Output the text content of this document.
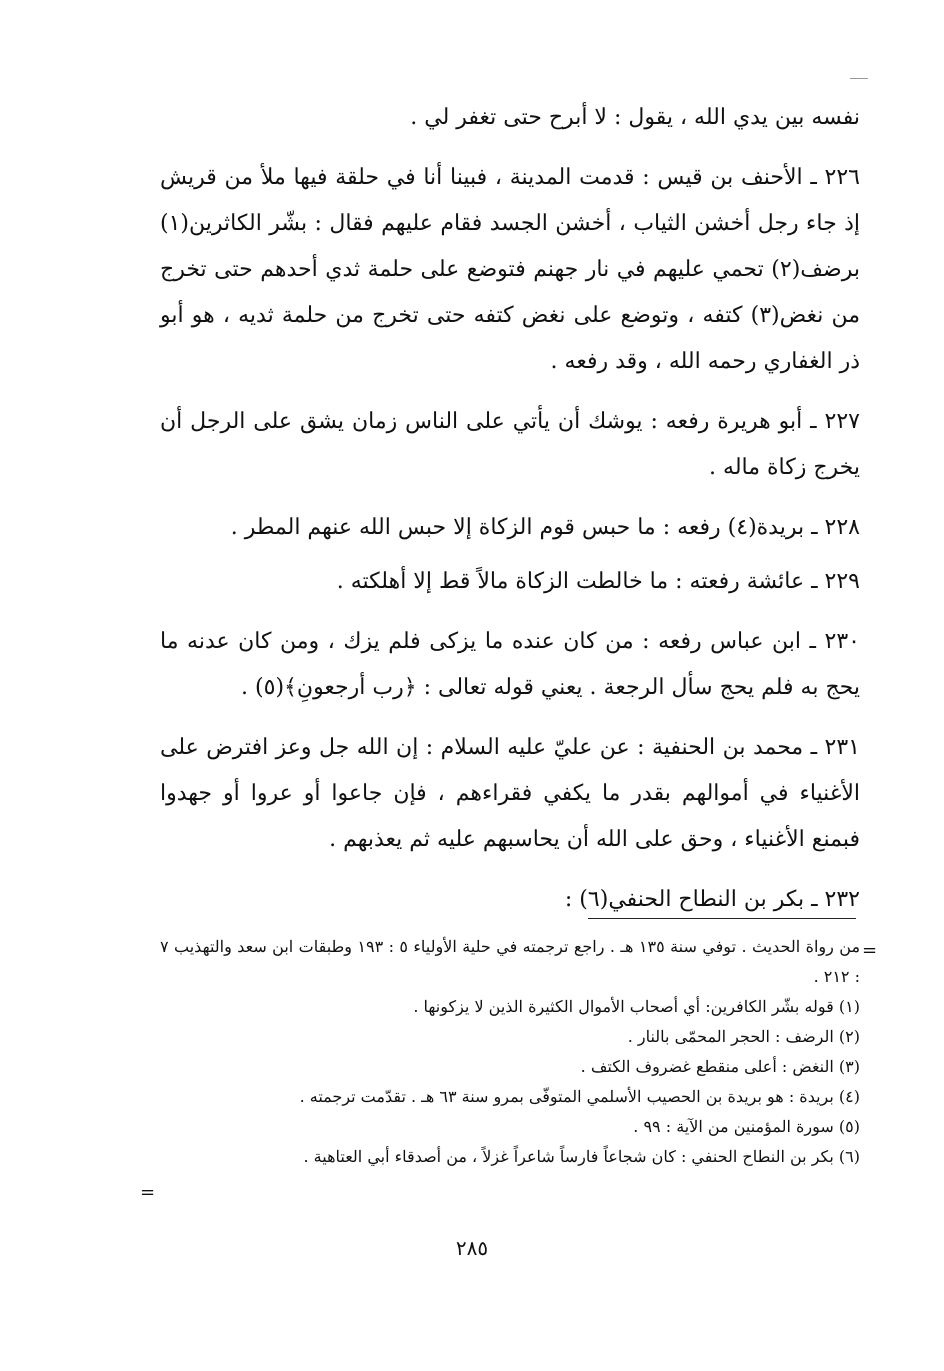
نفسه بين يدي الله ، يقول : لا أبرح حتى تغفر لي .

٢٢٦ ـ الأحنف بن قيس : قدمت المدينة ، فبينا أنا في حلقة فيها ملأ من قريش إذ جاء رجل أخشن الثياب ، أخشن الجسد فقام عليهم فقال : بشّر الكاثرين(١) برضف(٢) تحمي عليهم في نار جهنم فتوضع على حلمة ثدي أحدهم حتى تخرج من نغض(٣) كتفه ، وتوضع على نغض كتفه حتى تخرج من حلمة ثديه ، هو أبو ذر الغفاري رحمه الله ، وقد رفعه .

٢٢٧ ـ أبو هريرة رفعه : يوشك أن يأتي على الناس زمان يشق على الرجل أن يخرج زكاة ماله .

٢٢٨ ـ بريدة(٤) رفعه : ما حبس قوم الزكاة إلا حبس الله عنهم المطر .

٢٢٩ ـ عائشة رفعته : ما خالطت الزكاة مالاً قط إلا أهلكته .

٢٣٠ ـ ابن عباس رفعه : من كان عنده ما يزكى فلم يزك ، ومن كان عدنه ما يحج به فلم يحج سأل الرجعة . يعني قوله تعالى : ﴿رب أرجعونِ﴾(٥) .

٢٣١ ـ محمد بن الحنفية : عن عليّ عليه السلام : إن الله جل وعز افترض على الأغنياء في أموالهم بقدر ما يكفي فقراءهم ، فإن جاعوا أو عروا أو جهدوا فبمنع الأغنياء ، وحق على الله أن يحاسبهم عليه ثم يعذبهم .

٢٣٢ ـ بكر بن النطاح الحنفي(٦) :

=

من رواة الحديث . توفي سنة ١٣٥ هـ . راجع ترجمته في حلية الأولياء ٥ : ١٩٣ وطبقات ابن سعد والتهذيب ٧ : ٢١٢ .

(١) قوله بشّر الكافرين: أي أصحاب الأموال الكثيرة الذين لا يزكونها .

(٢) الرضف : الحجر المحمّى بالنار .

(٣) النغض : أعلى منقطع غضروف الكتف .

(٤) بريدة : هو بريدة بن الحصيب الأسلمي المتوفّى بمرو سنة ٦٣ هـ . تقدّمت ترجمته .

(٥) سورة المؤمنين من الآية : ٩٩ .

(٦) بكر بن النطاح الحنفي : كان شجاعاً فارساً شاعراً غزلاً ، من أصدقاء أبي العتاهية .

=
٢٨٥
